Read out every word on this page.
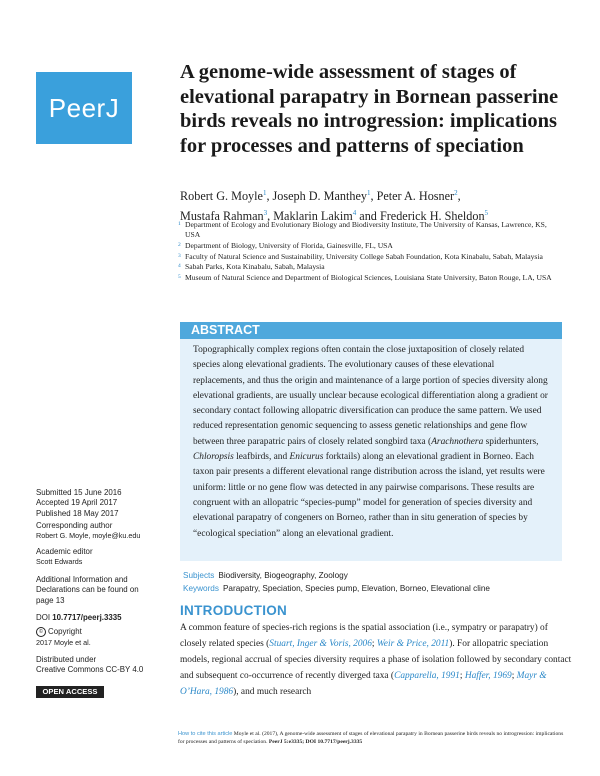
PeerJ
A genome-wide assessment of stages of elevational parapatry in Bornean passerine birds reveals no introgression: implications for processes and patterns of speciation
Robert G. Moyle$^1$, Joseph D. Manthey$^1$, Peter A. Hosner$^2$,
Mustafa Rahman$^3$, Maklarin Lakim$^4$ and Frederick H. Sheldon$^5$
1 Department of Ecology and Evolutionary Biology and Biodiversity Institute, The University of Kansas, Lawrence, KS, USA
2 Department of Biology, University of Florida, Gainesville, FL, USA
3 Faculty of Natural Science and Sustainability, University College Sabah Foundation, Kota Kinabalu, Sabah, Malaysia
4 Sabah Parks, Kota Kinabalu, Sabah, Malaysia
5 Museum of Natural Science and Department of Biological Sciences, Louisiana State University, Baton Rouge, LA, USA
ABSTRACT

Topographically complex regions often contain the close juxtaposition of closely related species along elevational gradients. The evolutionary causes of these elevational replacements, and thus the origin and maintenance of a large portion of species diversity along elevational gradients, are usually unclear because ecological differentiation along a gradient or secondary contact following allopatric diversification can produce the same pattern. We used reduced representation genomic sequencing to assess genetic relationships and gene flow between three parapatric pairs of closely related songbird taxa (Arachnothera spiderhunters, Chloropsis leafbirds, and Enicurus forktails) along an elevational gradient in Borneo. Each taxon pair presents a different elevational range distribution across the island, yet results were uniform: little or no gene flow was detected in any pairwise comparisons. These results are congruent with an allopatric “species-pump” model for generation of species diversity and elevational parapatry of congeners on Borneo, rather than in situ generation of species by “ecological speciation” along an elevational gradient.

Subjects Biodiversity, Biogeography, Zoology
Keywords Parapatry, Speciation, Species pump, Elevation, Borneo, Elevational cline
INTRODUCTION

A common feature of species-rich regions is the spatial association (i.e., sympatry or parapatry) of closely related species (Stuart, Inger & Voris, 2006; Weir & Price, 2011). For allopatric speciation models, regional accrual of species diversity requires a phase of isolation followed by secondary contact and subsequent co-occurrence of recently diverged taxa (Capparella, 1991; Haffer, 1969; Mayr & O’Hara, 1986), and much research

Submitted 15 June 2016
Accepted 19 April 2017
Published 18 May 2017
Corresponding author
Robert G. Moyle, moyle@ku.edu
Academic editor
Scott Edwards
Additional Information and Declarations can be found on page 13
DOI 10.7717/peerj.3335
© Copyright
2017 Moyle et al.
Distributed under
Creative Commons CC-BY 4.0
OPEN ACCESS
How to cite this article Moyle et al. (2017), A genome-wide assessment of stages of elevational parapatry in Bornean passerine birds reveals no introgression: implications for processes and patterns of speciation. PeerJ 5:e3335; DOI 10.7717/peerj.3335
